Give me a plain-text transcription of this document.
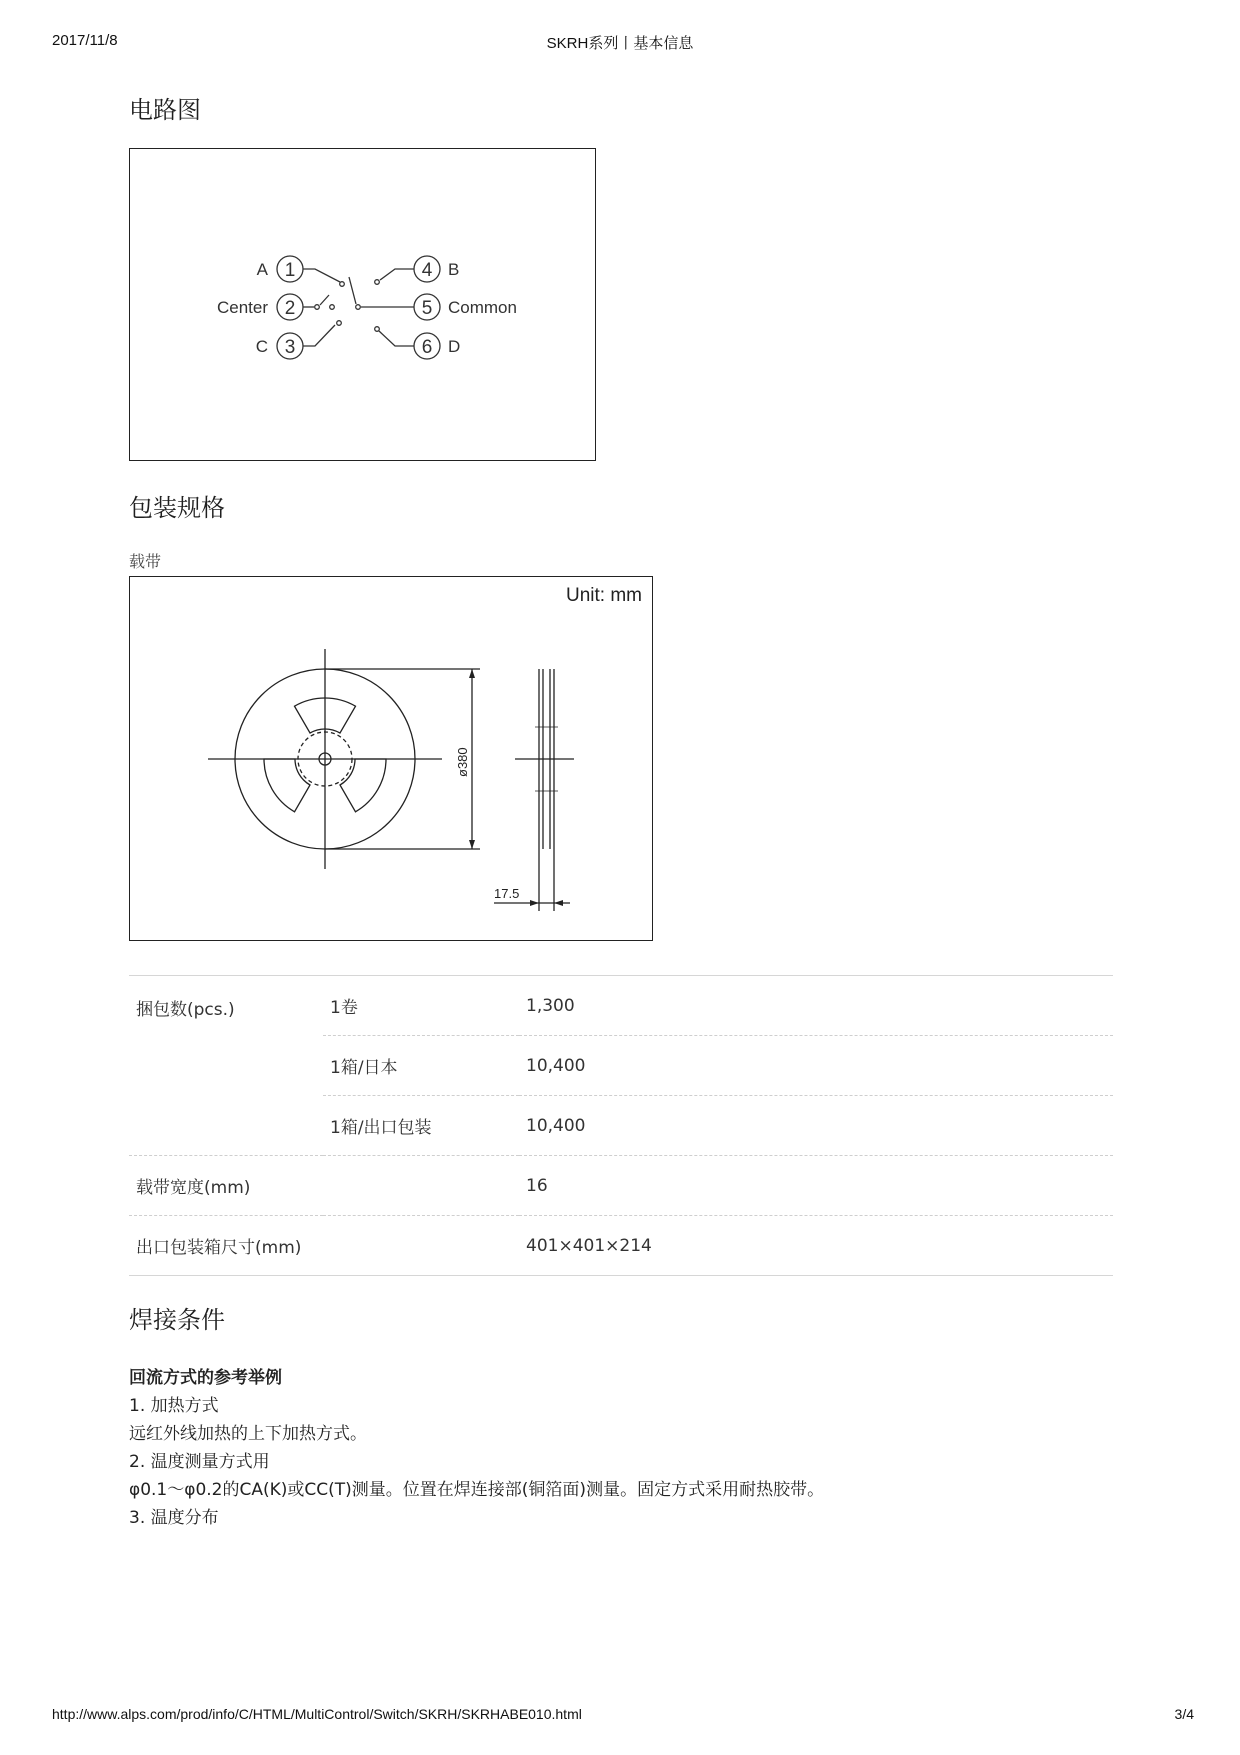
2017/11/8	SKRH系列丨基本信息
电路图
1
2
3
4
5
6
A
Center
C
B
Common
D
包装规格
载带
Unit: mm
ø380
17.5
捆包数(pcs.)	1卷	1,300
	1箱/日本	10,400
	1箱/出口包装	10,400
载带宽度(mm)		16
出口包装箱尺寸(mm)		401×401×214
焊接条件
回流方式的参考举例
1. 加热方式
远红外线加热的上下加热方式。
2. 温度测量方式用
φ0.1～φ0.2的CA(K)或CC(T)测量。位置在焊连接部(铜箔面)测量。固定方式采用耐热胶带。
3. 温度分布
http://www.alps.com/prod/info/C/HTML/MultiControl/Switch/SKRH/SKRHABE010.html	3/4
